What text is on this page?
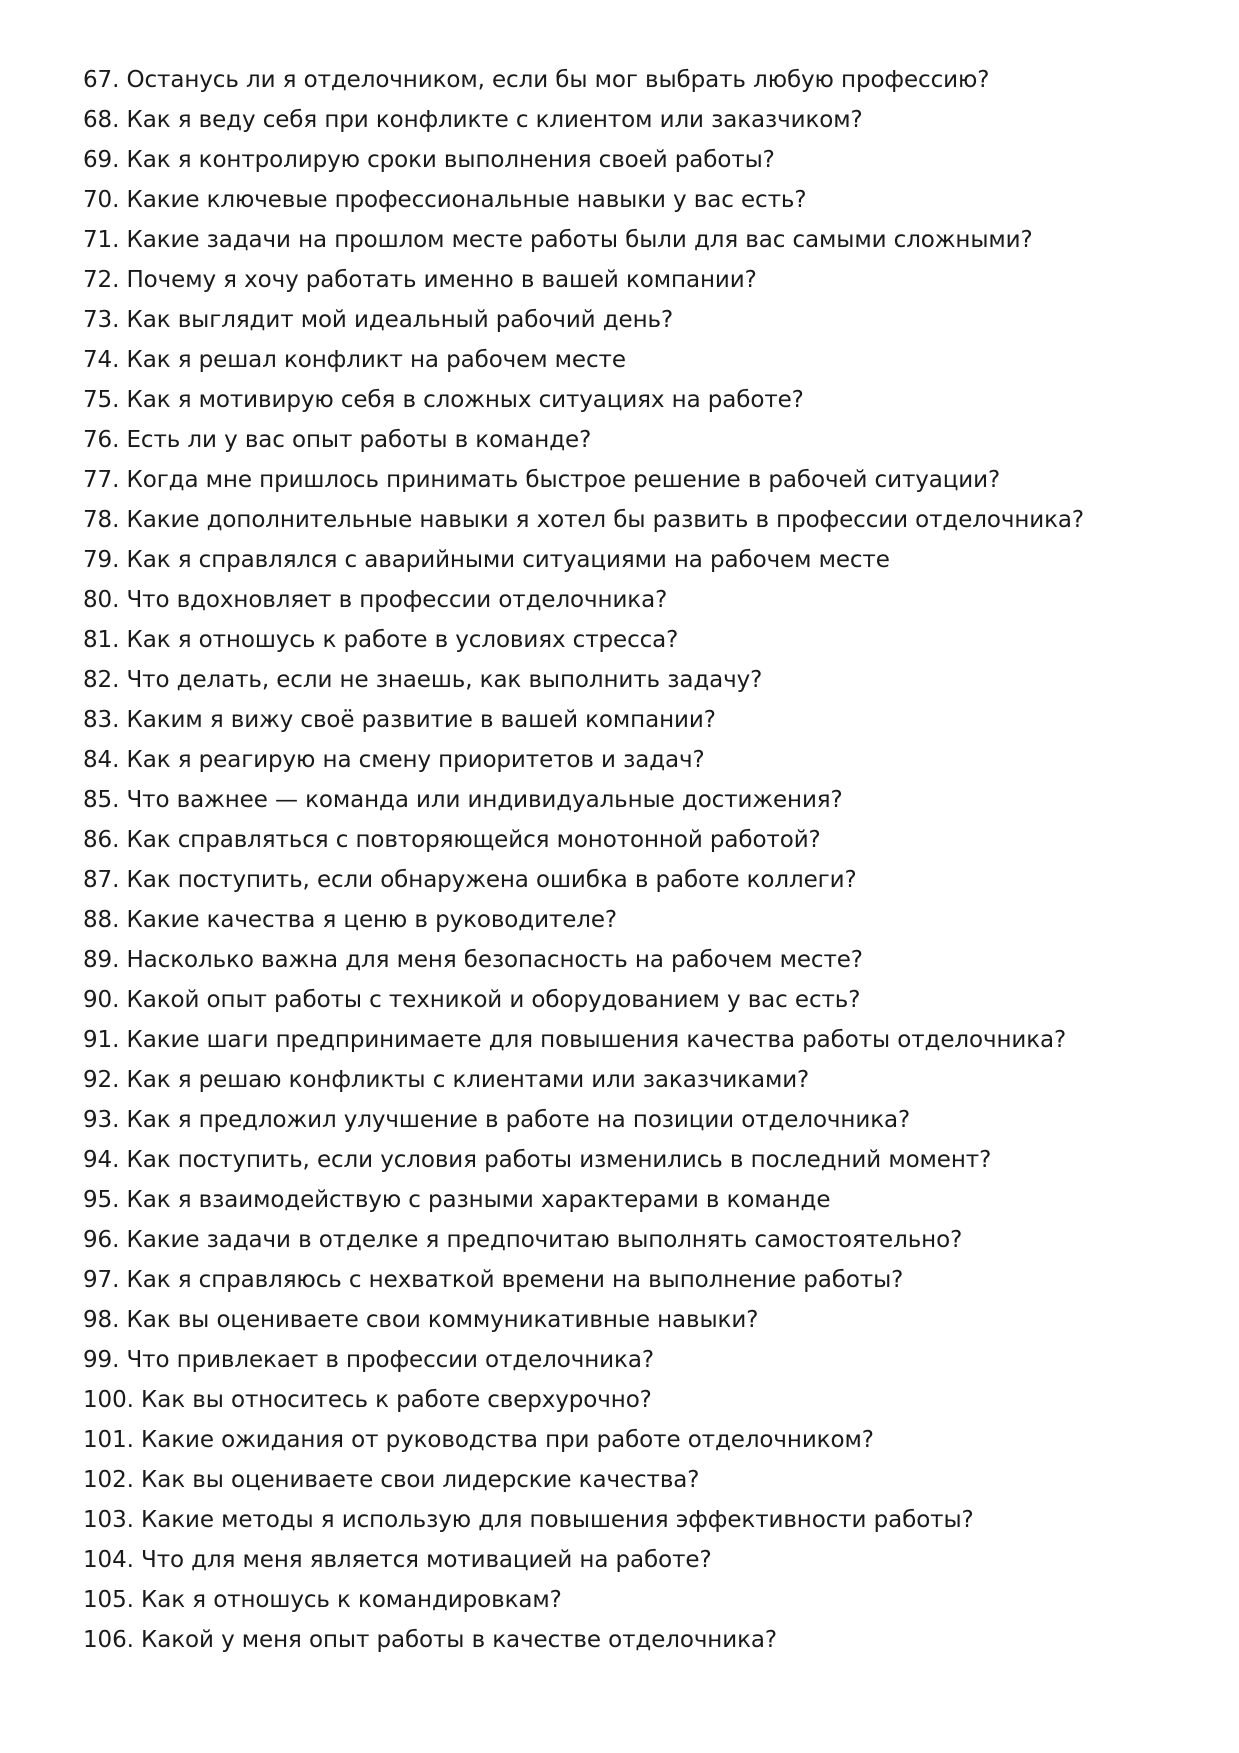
67. Останусь ли я отделочником, если бы мог выбрать любую профессию?
68. Как я веду себя при конфликте с клиентом или заказчиком?
69. Как я контролирую сроки выполнения своей работы?
70. Какие ключевые профессиональные навыки у вас есть?
71. Какие задачи на прошлом месте работы были для вас самыми сложными?
72. Почему я хочу работать именно в вашей компании?
73. Как выглядит мой идеальный рабочий день?
74. Как я решал конфликт на рабочем месте
75. Как я мотивирую себя в сложных ситуациях на работе?
76. Есть ли у вас опыт работы в команде?
77. Когда мне пришлось принимать быстрое решение в рабочей ситуации?
78. Какие дополнительные навыки я хотел бы развить в профессии отделочника?
79. Как я справлялся с аварийными ситуациями на рабочем месте
80. Что вдохновляет в профессии отделочника?
81. Как я отношусь к работе в условиях стресса?
82. Что делать, если не знаешь, как выполнить задачу?
83. Каким я вижу своё развитие в вашей компании?
84. Как я реагирую на смену приоритетов и задач?
85. Что важнее — команда или индивидуальные достижения?
86. Как справляться с повторяющейся монотонной работой?
87. Как поступить, если обнаружена ошибка в работе коллеги?
88. Какие качества я ценю в руководителе?
89. Насколько важна для меня безопасность на рабочем месте?
90. Какой опыт работы с техникой и оборудованием у вас есть?
91. Какие шаги предпринимаете для повышения качества работы отделочника?
92. Как я решаю конфликты с клиентами или заказчиками?
93. Как я предложил улучшение в работе на позиции отделочника?
94. Как поступить, если условия работы изменились в последний момент?
95. Как я взаимодействую с разными характерами в команде
96. Какие задачи в отделке я предпочитаю выполнять самостоятельно?
97. Как я справляюсь с нехваткой времени на выполнение работы?
98. Как вы оцениваете свои коммуникативные навыки?
99. Что привлекает в профессии отделочника?
100. Как вы относитесь к работе сверхурочно?
101. Какие ожидания от руководства при работе отделочником?
102. Как вы оцениваете свои лидерские качества?
103. Какие методы я использую для повышения эффективности работы?
104. Что для меня является мотивацией на работе?
105. Как я отношусь к командировкам?
106. Какой у меня опыт работы в качестве отделочника?
